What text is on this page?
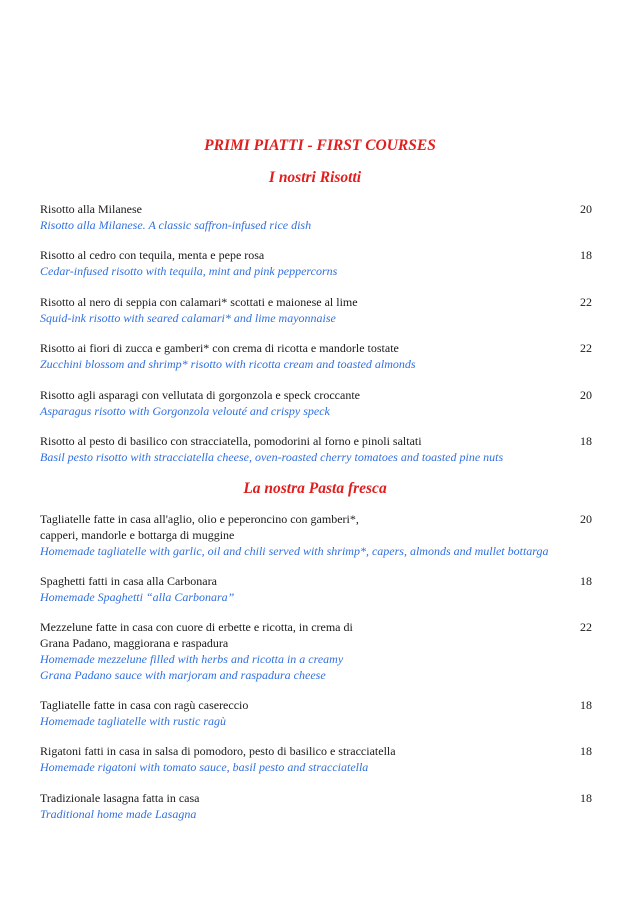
PRIMI PIATTI - FIRST COURSES
I nostri Risotti
Risotto alla Milanese
Risotto alla Milanese. A classic saffron-infused rice dish
20
Risotto al cedro con tequila, menta e pepe rosa
Cedar-infused risotto with tequila, mint and pink peppercorns
18
Risotto al nero di seppia con calamari* scottati e maionese al lime
Squid-ink risotto with seared calamari* and lime mayonnaise
22
Risotto ai fiori di zucca e gamberi* con crema di ricotta e mandorle tostate
Zucchini blossom and shrimp* risotto with ricotta cream and toasted almonds
22
Risotto agli asparagi con vellutata di gorgonzola e speck croccante
Asparagus risotto with Gorgonzola velouté and crispy speck
20
Risotto al pesto di basilico con stracciatella, pomodorini al forno e pinoli saltati
Basil pesto risotto with stracciatella cheese, oven-roasted cherry tomatoes and toasted pine nuts
18
La nostra Pasta fresca
Tagliatelle fatte in casa all'aglio, olio e peperoncino con gamberi*,
capperi, mandorle e bottarga di muggine
Homemade tagliatelle with garlic, oil and chili served with shrimp*, capers, almonds and mullet bottarga
20
Spaghetti fatti in casa alla Carbonara
Homemade Spaghetti “alla Carbonara”
18
Mezzelune fatte in casa con cuore di erbette e ricotta, in crema di
Grana Padano, maggiorana e raspadura
Homemade mezzelune filled with herbs and ricotta in a creamy
Grana Padano sauce with marjoram and raspadura cheese
22
Tagliatelle fatte in casa con ragù casereccio
Homemade tagliatelle with rustic ragù
18
Rigatoni fatti in casa in salsa di pomodoro, pesto di basilico e stracciatella
Homemade rigatoni with tomato sauce, basil pesto and stracciatella
18
Tradizionale lasagna fatta in casa
Traditional home made Lasagna
18
